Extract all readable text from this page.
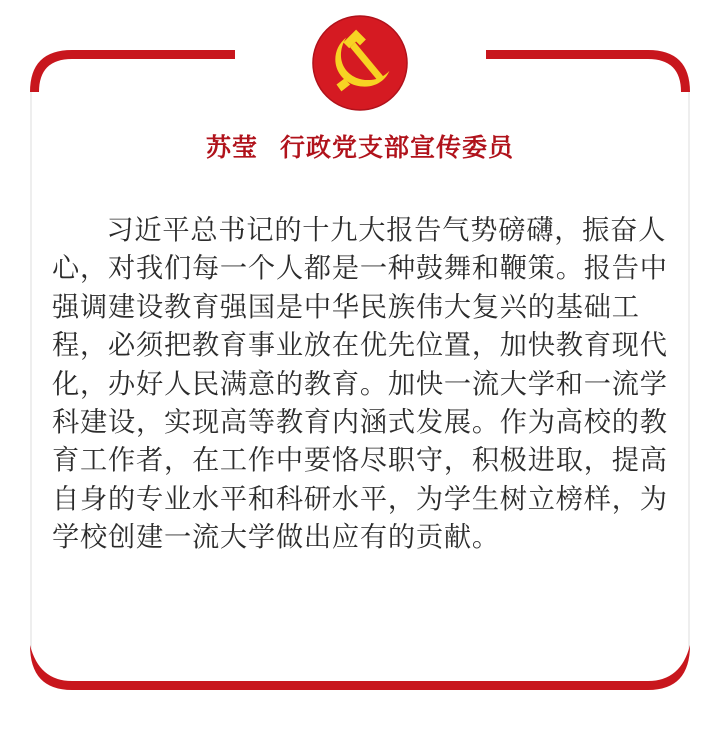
苏莹 行政党支部宣传委员
习近平总书记的十九大报告气势磅礴，振奋人
心，对我们每一个人都是一种鼓舞和鞭策。报告中
强调建设教育强国是中华民族伟大复兴的基础工
程，必须把教育事业放在优先位置，加快教育现代
化，办好人民满意的教育。加快一流大学和一流学
科建设，实现高等教育内涵式发展。作为高校的教
育工作者，在工作中要恪尽职守，积极进取，提高
自身的专业水平和科研水平，为学生树立榜样，为
学校创建一流大学做出应有的贡献。
